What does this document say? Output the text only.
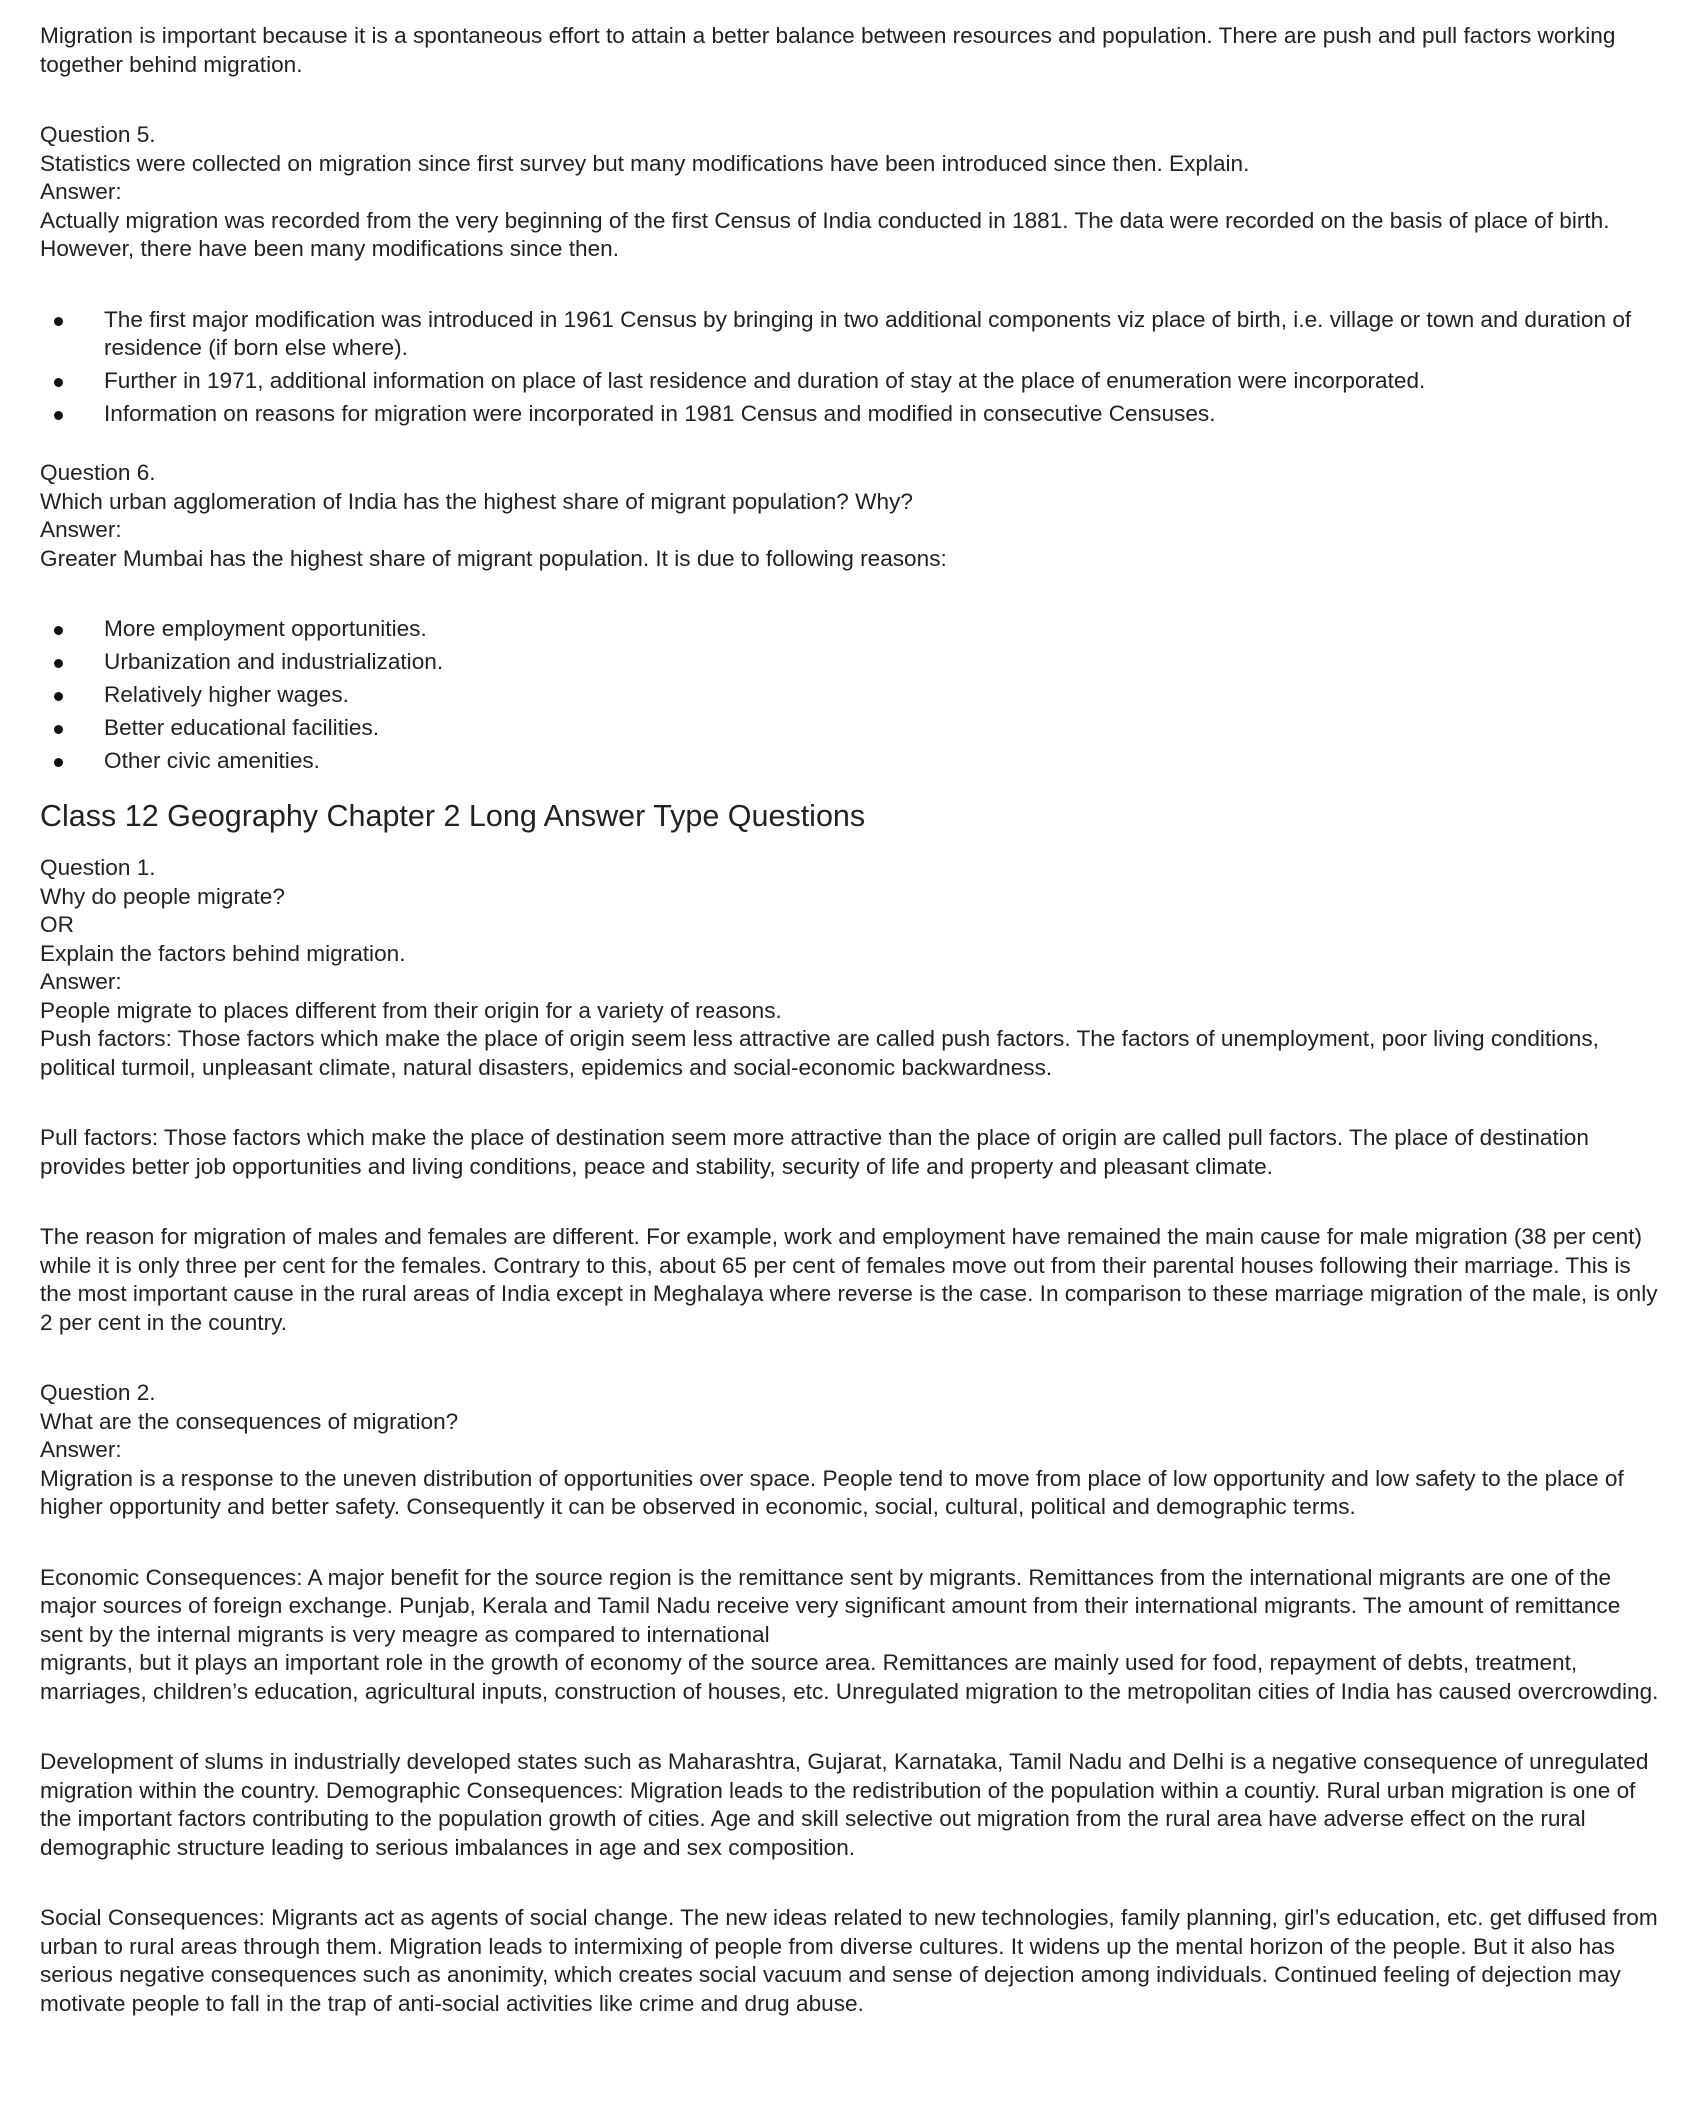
Migration is important because it is a spontaneous effort to attain a better balance between resources and population. There are push and pull factors working together behind migration.

Question 5.

Statistics were collected on migration since first survey but many modifications have been introduced since then. Explain.

Answer:

Actually migration was recorded from the very beginning of the first Census of India conducted in 1881. The data were recorded on the basis of place of birth. However, there have been many modifications since then.

The first major modification was introduced in 1961 Census by bringing in two additional components viz place of birth, i.e. village or town and duration of residence (if born else where).
Further in 1971, additional information on place of last residence and duration of stay at the place of enumeration were incorporated.
Information on reasons for migration were incorporated in 1981 Census and modified in consecutive Censuses.

Question 6.

Which urban agglomeration of India has the highest share of migrant population? Why?

Answer:

Greater Mumbai has the highest share of migrant population. It is due to following reasons:

More employment opportunities.
Urbanization and industrialization.
Relatively higher wages.
Better educational facilities.
Other civic amenities.
Class 12 Geography Chapter 2 Long Answer Type Questions

Question 1.

Why do people migrate?

OR

Explain the factors behind migration.

Answer:

People migrate to places different from their origin for a variety of reasons.

Push factors: Those factors which make the place of origin seem less attractive are called push factors. The factors of unemployment, poor living conditions, political turmoil, unpleasant climate, natural disasters, epidemics and social-economic backwardness.

Pull factors: Those factors which make the place of destination seem more attractive than the place of origin are called pull factors. The place of destination provides better job opportunities and living conditions, peace and stability, security of life and property and pleasant climate.

The reason for migration of males and females are different. For example, work and employment have remained the main cause for male migration (38 per cent) while it is only three per cent for the females. Contrary to this, about 65 per cent of females move out from their parental houses following their marriage. This is the most important cause in the rural areas of India except in Meghalaya where reverse is the case. In comparison to these marriage migration of the male, is only 2 per cent in the country.

Question 2.

What are the consequences of migration?

Answer:

Migration is a response to the uneven distribution of opportunities over space. People tend to move from place of low opportunity and low safety to the place of higher opportunity and better safety. Consequently it can be observed in economic, social, cultural, political and demographic terms.

Economic Consequences: A major benefit for the source region is the remittance sent by migrants. Remittances from the international migrants are one of the major sources of foreign exchange. Punjab, Kerala and Tamil Nadu receive very significant amount from their international migrants. The amount of remittance sent by the internal migrants is very meagre as compared to international

migrants, but it plays an important role in the growth of economy of the source area. Remittances are mainly used for food, repayment of debts, treatment, marriages, children’s education, agricultural inputs, construction of houses, etc. Unregulated migration to the metropolitan cities of India has caused overcrowding.

Development of slums in industrially developed states such as Maharashtra, Gujarat, Karnataka, Tamil Nadu and Delhi is a negative consequence of unregulated migration within the country. Demographic Consequences: Migration leads to the redistribution of the population within a countiy. Rural urban migration is one of the important factors contributing to the population growth of cities. Age and skill selective out migration from the rural area have adverse effect on the rural demographic structure leading to serious imbalances in age and sex composition.

Social Consequences: Migrants act as agents of social change. The new ideas related to new technologies, family planning, girl’s education, etc. get diffused from urban to rural areas through them. Migration leads to intermixing of people from diverse cultures. It widens up the mental horizon of the people. But it also has serious negative consequences such as anonimity, which creates social vacuum and sense of dejection among individuals. Continued feeling of dejection may motivate people to fall in the trap of anti-social activities like crime and drug abuse.
